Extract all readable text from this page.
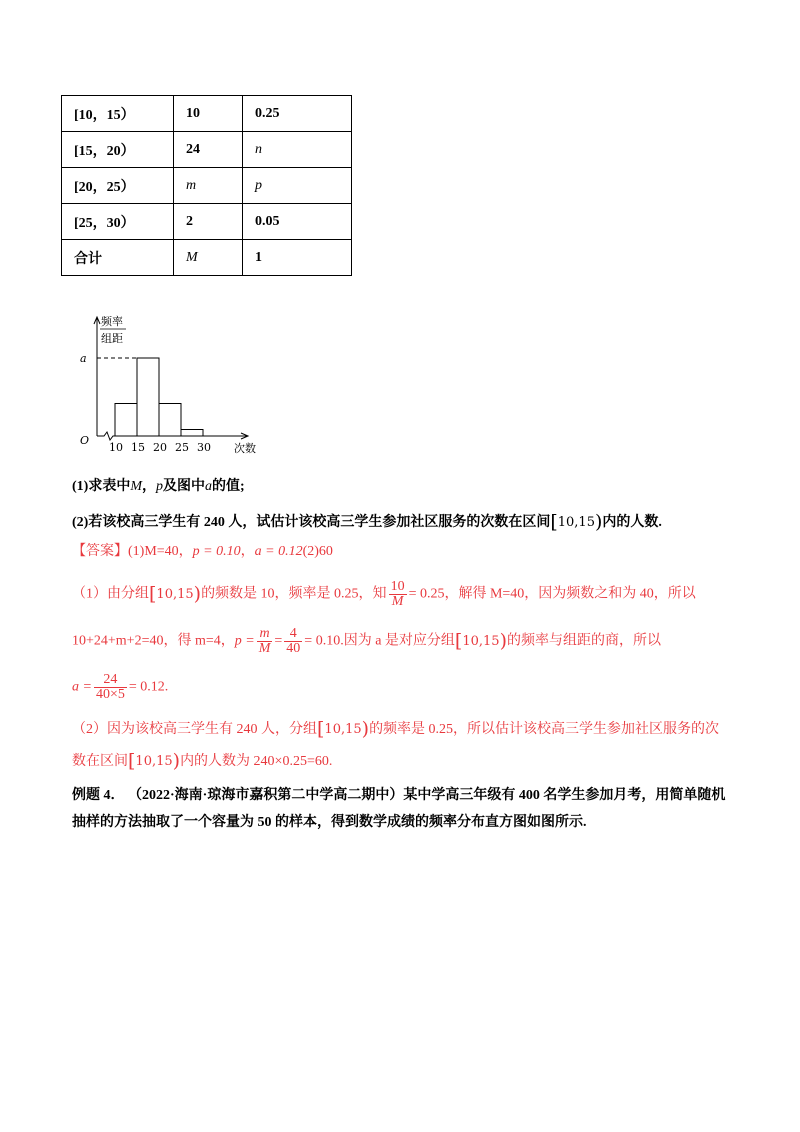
[10，15）	10	0.25
[15，20）	24	n
[20，25）	m	p
[25，30）	2	0.05
合计	M	1
频率
组距
a
O
10 15 20 25 30 次数
(1)求表中M，p及图中a的值;
(2)若该校高三学生有 240 人，试估计该校高三学生参加社区服务的次数在区间[10,15)内的人数.
【答案】(1)M=40，p = 0.10，a = 0.12(2)60
（1）由分组[10,15)的频数是 10，频率是 0.25，知 $\frac{10}{M} = 0.25$，解得 M=40，因为频数之和为 40，所以
10+24+m+2=40，得 m=4，$p = \frac{m}{M} = \frac{4}{40} = 0.10$.因为 a 是对应分组[10,15)的频率与组距的商，所以
$a = \frac{24}{40\times 5} = 0.12$.
（2）因为该校高三学生有 240 人，分组[10,15)的频率是 0.25，所以估计该校高三学生参加社区服务的次
数在区间[10,15)内的人数为 240×0.25=60.
例题 4． （2022·海南·琼海市嘉积第二中学高二期中）某中学高三年级有 400 名学生参加月考，用简单随机
抽样的方法抽取了一个容量为 50 的样本，得到数学成绩的频率分布直方图如图所示.
